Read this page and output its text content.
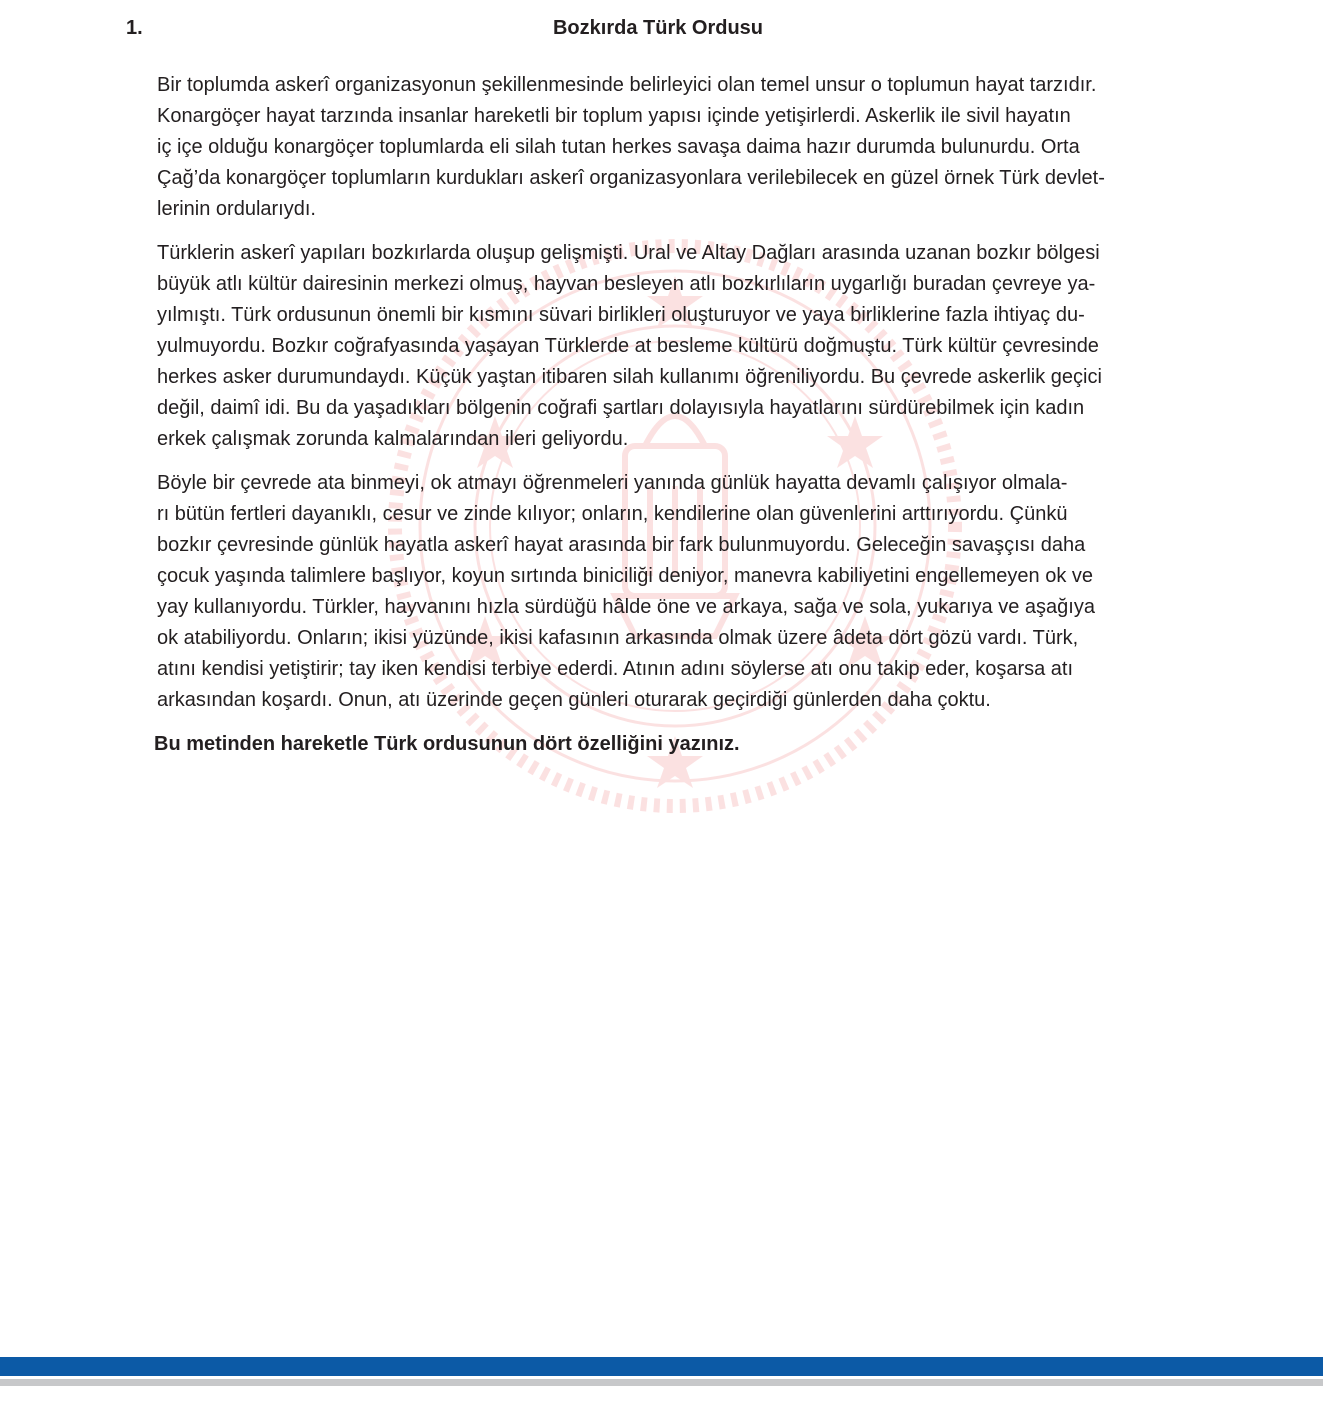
1.	Bozkırda Türk Ordusu

Bir toplumda askerî organizasyonun şekillenmesinde belirleyici olan temel unsur o toplumun hayat tarzıdır.
Konargöçer hayat tarzında insanlar hareketli bir toplum yapısı içinde yetişirlerdi. Askerlik ile sivil hayatın
iç içe olduğu konargöçer toplumlarda eli silah tutan herkes savaşa daima hazır durumda bulunurdu. Orta
Çağ’da konargöçer toplumların kurdukları askerî organizasyonlara verilebilecek en güzel örnek Türk devlet-
lerinin ordularıydı.

Türklerin askerî yapıları bozkırlarda oluşup gelişmişti. Ural ve Altay Dağları arasında uzanan bozkır bölgesi
büyük atlı kültür dairesinin merkezi olmuş, hayvan besleyen atlı bozkırlıların uygarlığı buradan çevreye ya-
yılmıştı. Türk ordusunun önemli bir kısmını süvari birlikleri oluşturuyor ve yaya birliklerine fazla ihtiyaç du-
yulmuyordu. Bozkır coğrafyasında yaşayan Türklerde at besleme kültürü doğmuştu. Türk kültür çevresinde
herkes asker durumundaydı. Küçük yaştan itibaren silah kullanımı öğreniliyordu. Bu çevrede askerlik geçici
değil, daimî idi. Bu da yaşadıkları bölgenin coğrafi şartları dolayısıyla hayatlarını sürdürebilmek için kadın
erkek çalışmak zorunda kalmalarından ileri geliyordu.

Böyle bir çevrede ata binmeyi, ok atmayı öğrenmeleri yanında günlük hayatta devamlı çalışıyor olmala-
rı bütün fertleri dayanıklı, cesur ve zinde kılıyor; onların, kendilerine olan güvenlerini arttırıyordu. Çünkü
bozkır çevresinde günlük hayatla askerî hayat arasında bir fark bulunmuyordu. Geleceğin savaşçısı daha
çocuk yaşında talimlere başlıyor, koyun sırtında biniciliği deniyor, manevra kabiliyetini engellemeyen ok ve
yay kullanıyordu. Türkler, hayvanını hızla sürdüğü hâlde öne ve arkaya, sağa ve sola, yukarıya ve aşağıya
ok atabiliyordu. Onların; ikisi yüzünde, ikisi kafasının arkasında olmak üzere âdeta dört gözü vardı. Türk,
atını kendisi yetiştirir; tay iken kendisi terbiye ederdi. Atının adını söylerse atı onu takip eder, koşarsa atı
arkasından koşardı. Onun, atı üzerinde geçen günleri oturarak geçirdiği günlerden daha çoktu.

Bu metinden hareketle Türk ordusunun dört özelliğini yazınız.
